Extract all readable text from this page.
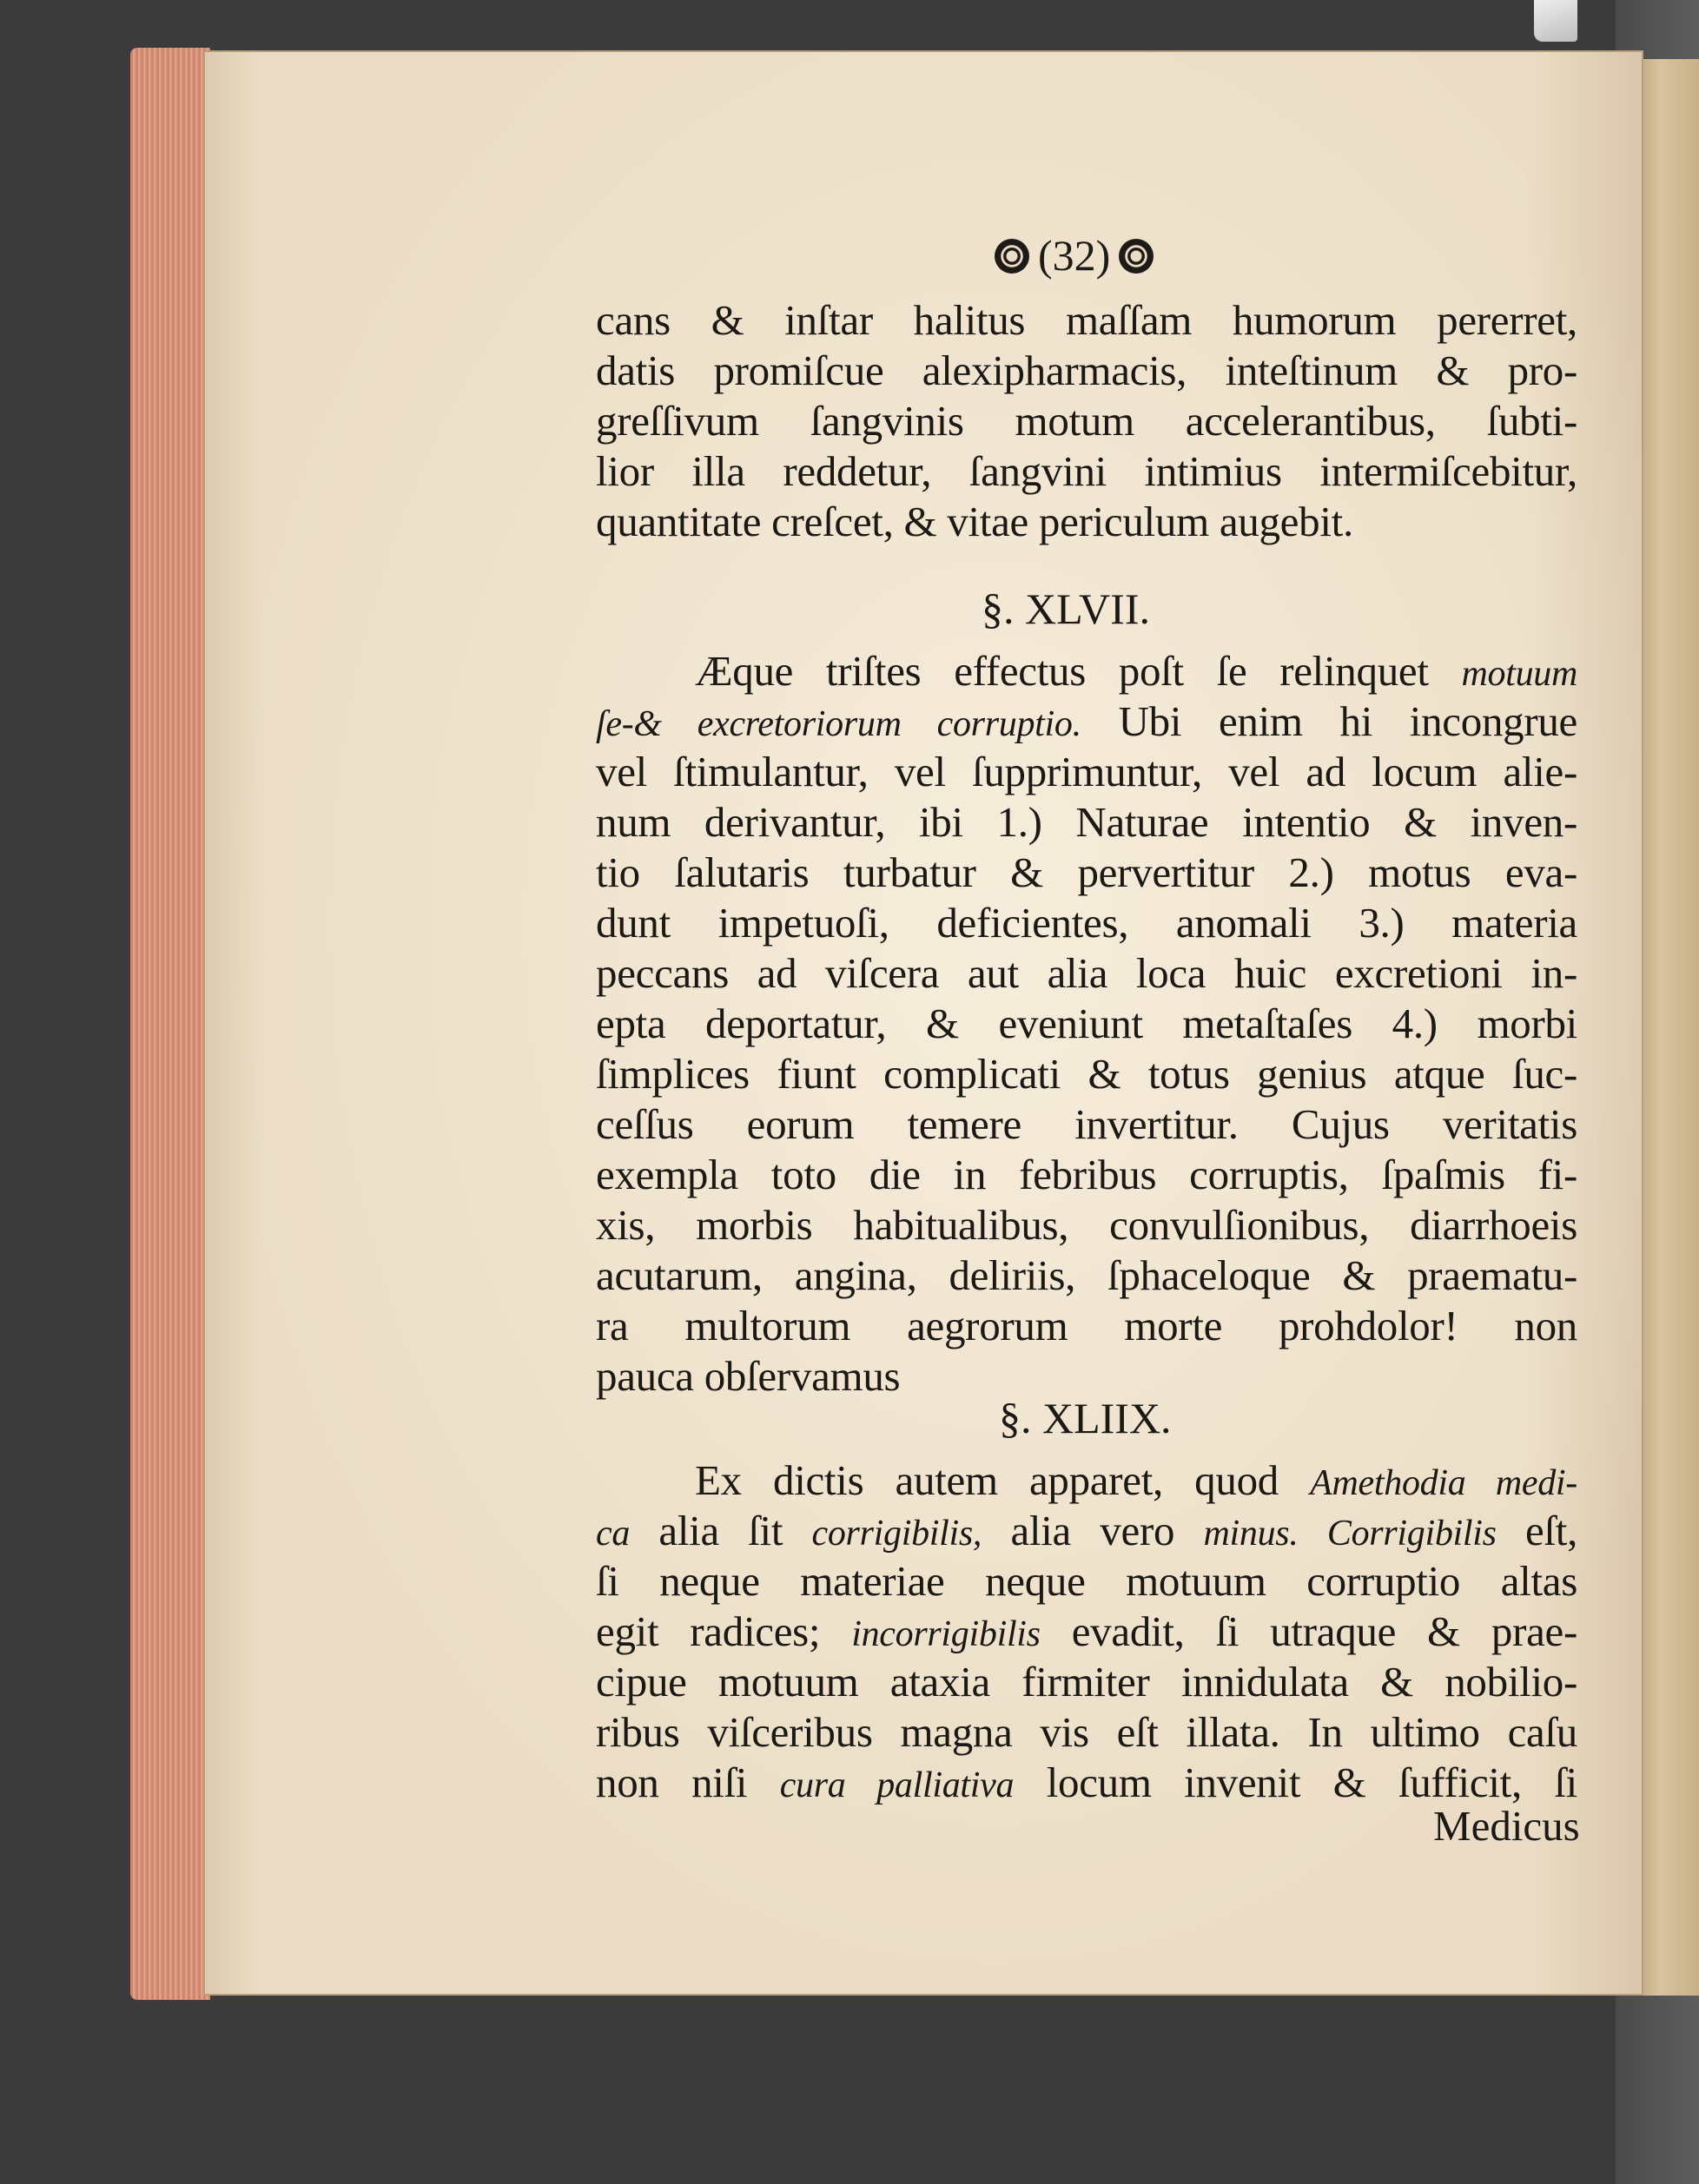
(32)
cans & inſtar halitus maſſam humorum pererret,
datis promiſcue alexipharmacis, inteſtinum & pro-
greſſivum ſangvinis motum accelerantibus, ſubti-
lior illa reddetur, ſangvini intimius intermiſcebitur,
quantitate creſcet, & vitae periculum augebit.
§. XLVII.
Æque triſtes effectus poſt ſe relinquet motuum
ſe-& excretoriorum corruptio. Ubi enim hi incongrue
vel ſtimulantur, vel ſupprimuntur, vel ad locum alie-
num derivantur, ibi 1.) Naturae intentio & inven-
tio ſalutaris turbatur & pervertitur 2.) motus eva-
dunt impetuoſi, deficientes, anomali 3.) materia
peccans ad viſcera aut alia loca huic excretioni in-
epta deportatur, & eveniunt metaſtaſes 4.) morbi
ſimplices fiunt complicati & totus genius atque ſuc-
ceſſus eorum temere invertitur. Cujus veritatis
exempla toto die in febribus corruptis, ſpaſmis fi-
xis, morbis habitualibus, convulſionibus, diarrhoeis
acutarum, angina, deliriis, ſphaceloque & praematu-
ra multorum aegrorum morte prohdolor! non
pauca obſervamus
§. XLIIX.
Ex dictis autem apparet, quod Amethodia medi-
ca alia ſit corrigibilis, alia vero minus. Corrigibilis eſt,
ſi neque materiae neque motuum corruptio altas
egit radices; incorrigibilis evadit, ſi utraque & prae-
cipue motuum ataxia firmiter innidulata & nobilio-
ribus viſceribus magna vis eſt illata. In ultimo caſu
non niſi cura palliativa locum invenit & ſufficit, ſi
Medicus
